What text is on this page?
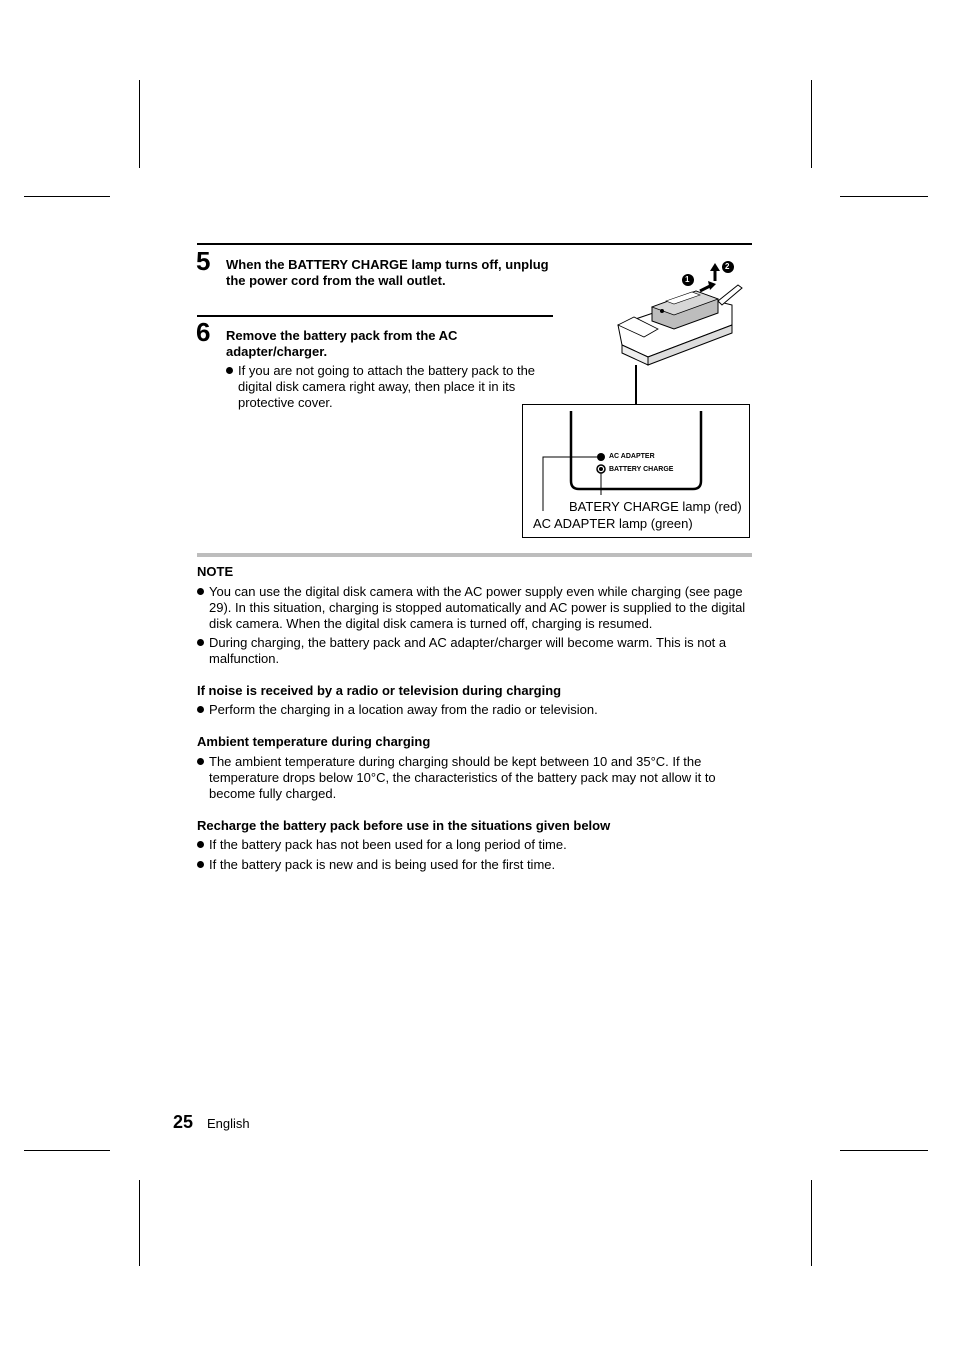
5 When the BATTERY CHARGE lamp turns off, unplug the power cord from the wall outlet.
6 Remove the battery pack from the AC adapter/charger.
If you are not going to attach the battery pack to the digital disk camera right away, then place it in its protective cover.
1
2
AC ADAPTER
BATTERY CHARGE
BATERY CHARGE lamp (red)
AC ADAPTER lamp (green)
NOTE
You can use the digital disk camera with the AC power supply even while charging (see page 29). In this situation, charging is stopped automatically and AC power is supplied to the digital disk camera. When the digital disk camera is turned off, charging is resumed.
During charging, the battery pack and AC adapter/charger will become warm. This is not a malfunction.
If noise is received by a radio or television during charging
Perform the charging in a location away from the radio or television.
Ambient temperature during charging
The ambient temperature during charging should be kept between 10 and 35°C. If the temperature drops below 10°C, the characteristics of the battery pack may not allow it to become fully charged.
Recharge the battery pack before use in the situations given below
If the battery pack has not been used for a long period of time.
If the battery pack is new and is being used for the first time.
25 English
